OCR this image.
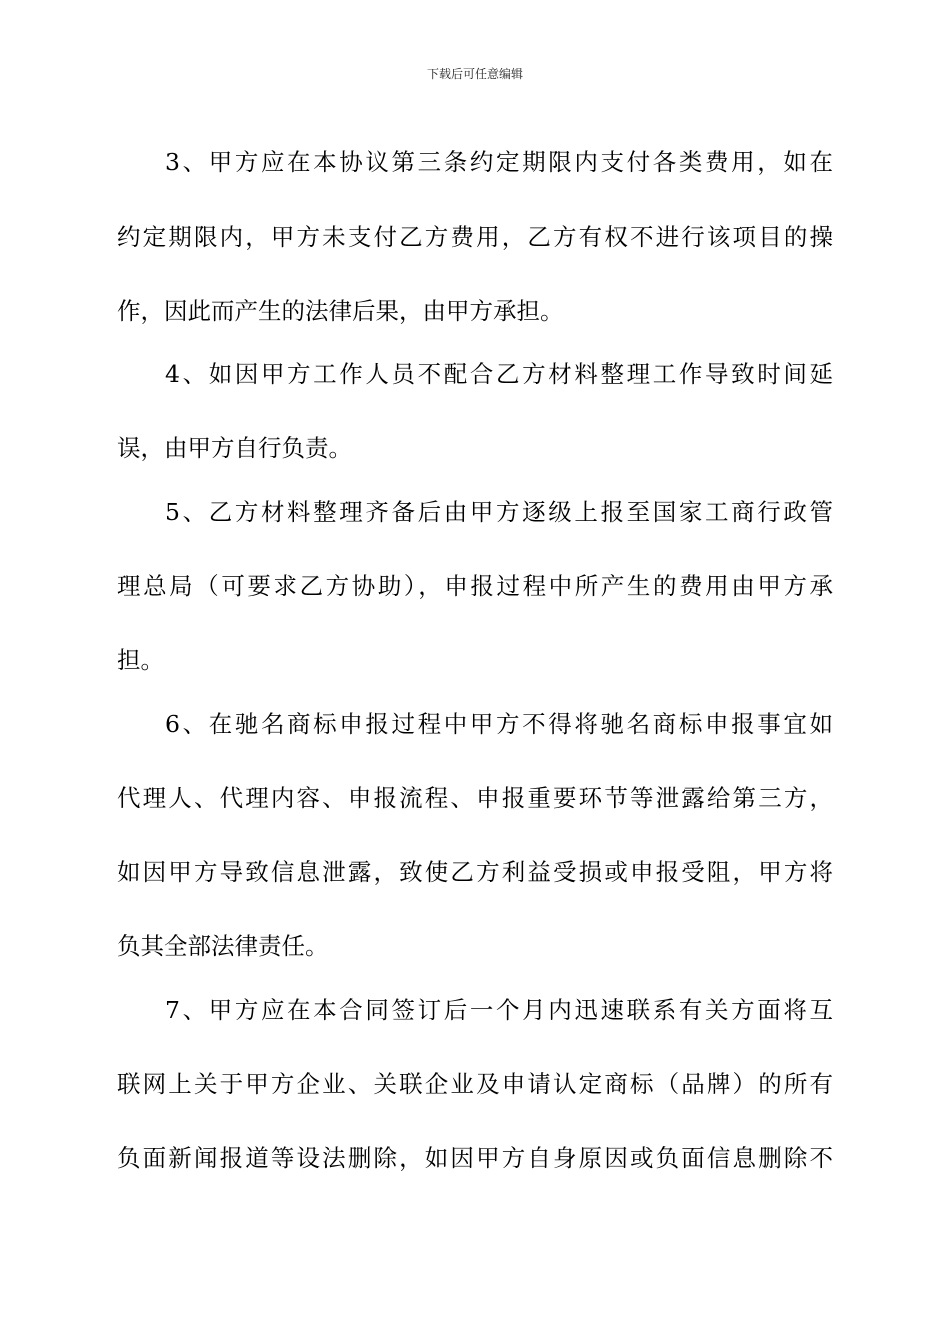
下载后可任意编辑
3、甲方应在本协议第三条约定期限内支付各类费用，如在
约定期限内，甲方未支付乙方费用，乙方有权不进行该项目的操
作，因此而产生的法律后果，由甲方承担。
4、如因甲方工作人员不配合乙方材料整理工作导致时间延
误，由甲方自行负责。
5、乙方材料整理齐备后由甲方逐级上报至国家工商行政管
理总局（可要求乙方协助），申报过程中所产生的费用由甲方承
担。
6、在驰名商标申报过程中甲方不得将驰名商标申报事宜如
代理人、代理内容、申报流程、申报重要环节等泄露给第三方，
如因甲方导致信息泄露，致使乙方利益受损或申报受阻，甲方将
负其全部法律责任。
7、甲方应在本合同签订后一个月内迅速联系有关方面将互
联网上关于甲方企业、关联企业及申请认定商标（品牌）的所有
负面新闻报道等设法删除，如因甲方自身原因或负面信息删除不
